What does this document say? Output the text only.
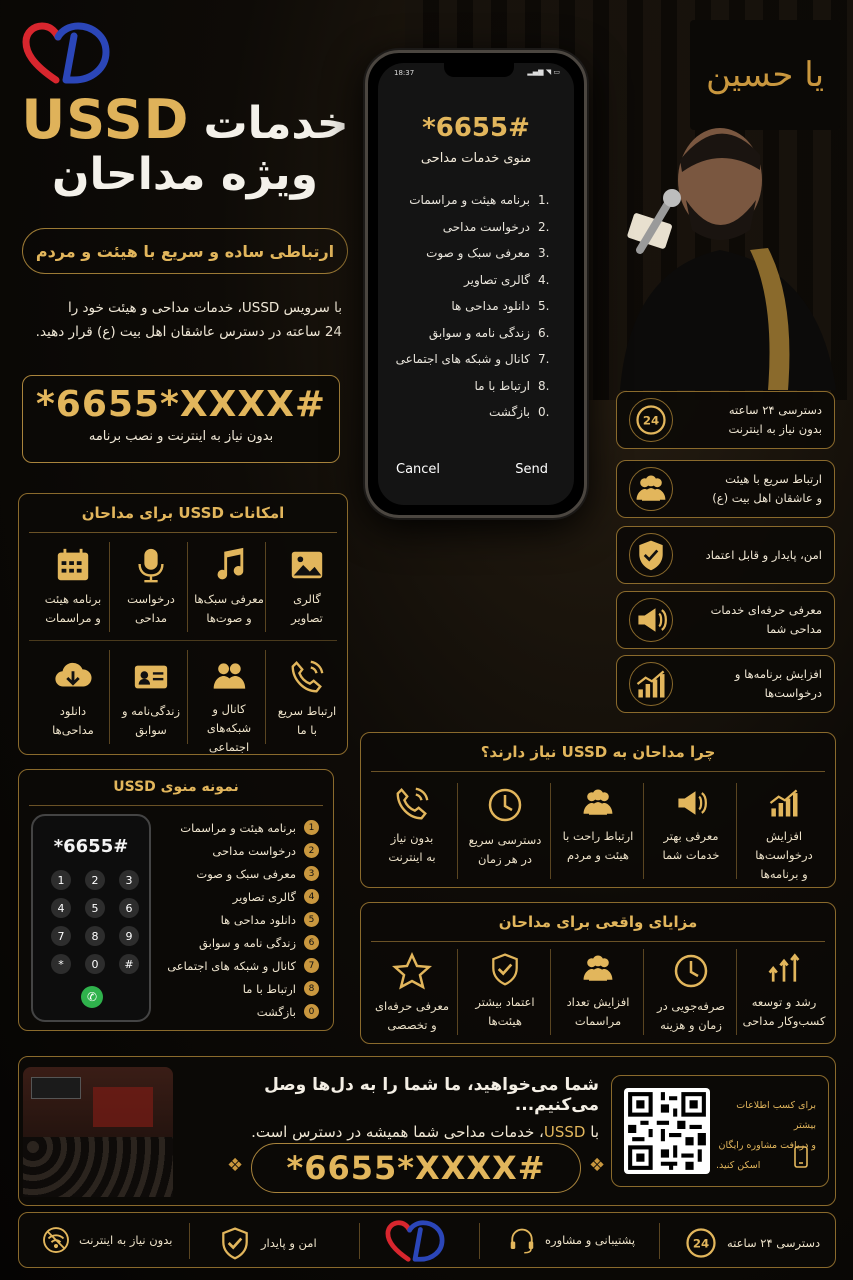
یا حسین
USSD خدمات
ویژه مداحان
ارتباطی ساده و سریع با هیئت و مردم
با سرویس USSD، خدمات مداحی و هیئت خود را
24 ساعته در دسترس عاشقان اهل بیت (ع) قرار دهید.
*6655*XXXX#
بدون نیاز به اینترنت و نصب برنامه
18:37	▂▄▆ ◥ ▭
*6655#
منوی خدمات مداحی
برنامه هیئت و مراسمات 1.
درخواست مداحی 2.
معرفی سبک و صوت 3.
گالری تصاویر 4.
دانلود مداحی ها 5.
زندگی نامه و سوابق 6.
کانال و شبکه های اجتماعی 7.
ارتباط با ما 8.
بازگشت 0.
Cancel	Send
24
دسترسی ۲۴ ساعته
بدون نیاز به اینترنت
ارتباط سریع با هیئت
و عاشقان اهل بیت (ع)
امن، پایدار و قابل اعتماد
معرفی حرفه‌ای خدمات
مداحی شما
افزایش برنامه‌ها و
درخواست‌ها
امکانات USSD برای مداحان
گالری
تصاویر
معرفی سبک‌ها
و صوت‌ها
درخواست
مداحی
برنامه هیئت
و مراسمات
ارتباط سریع
با ما
کانال و شبکه‌های
اجتماعی
زندگی‌نامه و
سوابق
دانلود
مداحی‌ها
نمونه منوی USSD
*6655#
1	2	3
4	5	6
7	8	9
*	0	#
✆
برنامه هیئت و مراسمات	1
درخواست مداحی	2
معرفی سبک و صوت	3
گالری تصاویر	4
دانلود مداحی ها	5
زندگی نامه و سوابق	6
کانال و شبکه های اجتماعی	7
ارتباط با ما	8
بازگشت	0
چرا مداحان به USSD نیاز دارند؟
افزایش درخواست‌ها
و برنامه‌ها
معرفی بهتر
خدمات شما
ارتباط راحت با
هیئت و مردم
دسترسی سریع
در هر زمان
بدون نیاز
به اینترنت
مزایای واقعی برای مداحان
رشد و توسعه
کسب‌وکار مداحی
صرفه‌جویی در
زمان و هزینه
افزایش تعداد
مراسمات
اعتماد بیشتر
هیئت‌ها
معرفی حرفه‌ای
و تخصصی
شما می‌خواهید، ما شما را به دل‌ها وصل می‌کنیم...
با USSD، خدمات مداحی شما همیشه در دسترس است.
*6655*XXXX#
❖	❖
برای کسب اطلاعات بیشتر
و دریافت مشاوره رایگان
اسکن کنید.
24 دسترسی ۲۴ ساعته
پشتیبانی و مشاوره
امن و پایدار
بدون نیاز به اینترنت
